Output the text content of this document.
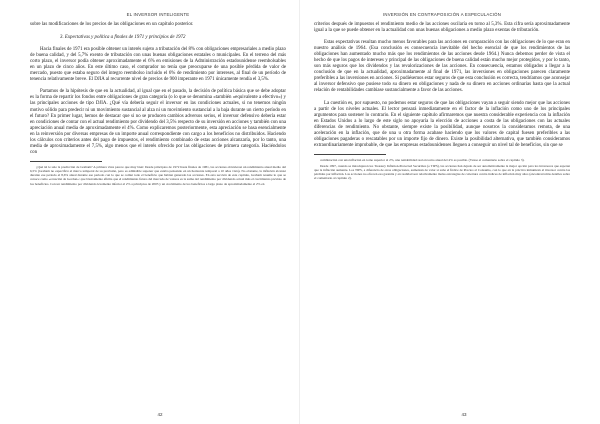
EL INVERSOR INTELIGENTE

sobre las modificaciones de los precios de las obligaciones en un capítulo posterior.

3. Expectativas y política a finales de 1971 y principios de 1972

Hacia finales de 1971 era posible obtener un interés sujeto a tributación del 8% con obligaciones empresariales a medio plazo de buena calidad, y del 5,7% exento de tributación con unas buenas obligaciones estatales o municipales. En el terreno del más corto plazo, el inversor podía obtener aproximadamente el 6% en emisiones de la Administración estadounidense reembolsables en un plazo de cinco años. En este último caso, el comprador no tenía que preocuparse de una posible pérdida de valor de mercado, puesto que estaba seguro del íntegro reembolso incluido el 6% de rendimiento por intereses, al final de un período de tenencia relativamente breve. El DJIA al recurrente nivel de precios de 900 imperante en 1971 únicamente rendía el 3,5%.

Partamos de la hipótesis de que en la actualidad, al igual que en el pasado, la decisión de política básica que se debe adoptar es la forma de repartir los fondos entre obligaciones de gran categoría (o lo que se denomina «también «equivalente a efectivo») y las principales acciones de tipo DJIA. ¿Qué vía debería seguir el inversor en las condiciones actuales, si no tenemos ningún motivo sólido para predecir ni un movimiento sustancial al alza ni un movimiento sustancial a la baja durante un cierto período en el futuro? En primer lugar, hemos de destacar que si no se producen cambios adversos serios, el inversor defensivo debería estar en condiciones de contar con el actual rendimiento por dividendo del 3,5% respecto de su inversión en acciones y también con una apreciación anual media de aproximadamente el 4%. Como explicaremos posteriormente, esta apreciación se basa esencialmente en la reinversión por diversas empresas de un importe anual correspondiente con cargo a los beneficios no distribuidos. Haciendo los cálculos con criterios antes del pago de impuestos, el rendimiento combinado de estas acciones alcanzaría, por lo tanto, una media de aproximadamente el 7,5%, algo menos que el interés ofrecido por las obligaciones de primera categoría. Haciéndolos con

¿Qué tal le sale la predicción de Graham? A primera vista parece que muy bien: Desde principios de 1972 hasta finales de 1981, las acciones obtuvieron un rendimiento anual medio del 6,5% (Graham no especificó el marco temporal de su previsión, pero es admisible suponer que estaba pensando en un horizonte temporal a 10 años vista). No obstante, la inflación alcanzó durante ese período el 8,6% anual durante ese período con lo que se comió todo el beneficio que habían generado las acciones. En esta sección de este capítulo, Graham resume lo que se conoce como «ecuación de Gordon»: que básicamente afirma que el rendimiento futuro del mercado de valores es la suma del rendimiento por dividendo actual más el crecimiento previsto de los beneficios. Con un rendimiento por dividendo levemente inferior al 2% a principios de 2003 y un crecimiento de los beneficios a largo plazo de aproximadamente el 2% en

42
INVERSIÓN EN CONTRAPOSICIÓN A ESPECULACIÓN

criterios después de impuestos el rendimiento medio de las acciones oscilaría en torno al 5,3%. Esta cifra sería aproximadamente igual a la que se puede obtener en la actualidad con unas buenas obligaciones a medio plazo exentas de tributación.

Estas expectativas resultan mucho menos favorables para las acciones en comparación con las obligaciones de lo que eran en nuestro análisis de 1964. (Esa conclusión es consecuencia inevitable del hecho esencial de que los rendimientos de las obligaciones han aumentado mucho más que los rendimientos de las acciones desde 1964.) Nunca debemos perder de vista el hecho de que los pagos de intereses y principal de las obligaciones de buena calidad están mucho mejor protegidos, y por lo tanto, son más seguros que los dividendos y las revalorizaciones de las acciones. En consecuencia, estamos obligados a llegar a la conclusión de que en la actualidad, aproximadamente al final de 1971, las inversiones en obligaciones parecen claramente preferibles a las inversiones en acciones. Si pudiésemos estar seguros de que esta conclusión es correcta, tendríamos que aconsejar al inversor defensivo que pusiese todo su dinero en obligaciones y nada de su dinero en acciones ordinarias hasta que la actual relación de rentabilidades cambiase sustancialmente a favor de las acciones.

La cuestión es, por supuesto, no podemos estar seguros de que las obligaciones vayan a seguir siendo mejor que las acciones a partir de los niveles actuales. El lector pensará inmediatamente en el factor de la inflación como uno de los principales argumentos para sostener lo contrario. En el siguiente capítulo afirmaremos que nuestra considerable experiencia con la inflación en Estados Unidos a lo largo de este siglo no apoyaría la elección de acciones a costa de las obligaciones con las actuales diferencias de rendimiento. No obstante, siempre existe la posibilidad, aunque nosotros la consideramos remota, de una aceleración en la inflación, que de una u otra forma acabase haciendo que los valores de capital fuesen preferibles a las obligaciones pagaderas o rescatables por un importe fijo de dinero. Existe la posibilidad alternativa, que también consideramos extraordinariamente improbable, de que las empresas estadounidenses lleguen a conseguir un nivel tal de beneficios, sin que se

combinación con una inflación en torno superior al 2%, una rentabilidad real en torno anual del 4% es posible. (Véase el comentario sobre el capítulo 3).

Desde 1997, cuando se introdujeron los Treasury Inflation-Protected Securities (o TIPS), las acciones han dejado de ser automáticamente la mejor opción para los inversores que esperan que la inflación aumente. Los TIPS, a diferencia de otras obligaciones, aumentan de valor si sube el Índice de Precios al Consumo, con lo que en la práctica inmunizan al inversor contra las pérdidas por inflación. Las acciones no ofrecen esa garantía y en realidad son relativamente malas estrategias de cobertura contra índices de inflación muy altos (encontrará más detalles sobre el comentario al capítulo 2).

43
